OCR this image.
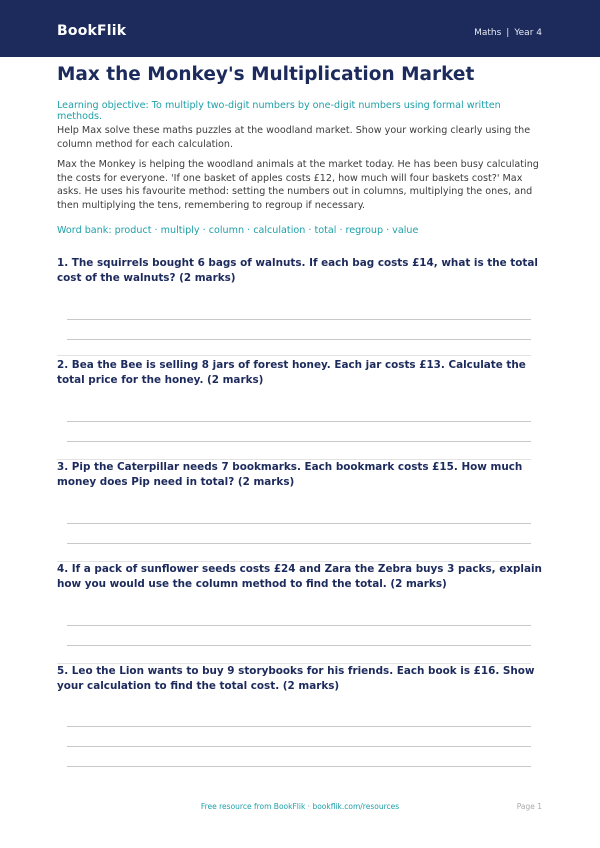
BookFlik	Maths | Year 4
Max the Monkey's Multiplication Market
Learning objective: To multiply two-digit numbers by one-digit numbers using formal written methods.
Help Max solve these maths puzzles at the woodland market. Show your working clearly using the column method for each calculation.
Max the Monkey is helping the woodland animals at the market today. He has been busy calculating the costs for everyone. 'If one basket of apples costs £12, how much will four baskets cost?' Max asks. He uses his favourite method: setting the numbers out in columns, multiplying the ones, and then multiplying the tens, remembering to regroup if necessary.
Word bank: product · multiply · column · calculation · total · regroup · value
1. The squirrels bought 6 bags of walnuts. If each bag costs £14, what is the total cost of the walnuts? (2 marks)
2. Bea the Bee is selling 8 jars of forest honey. Each jar costs £13. Calculate the total price for the honey. (2 marks)
3. Pip the Caterpillar needs 7 bookmarks. Each bookmark costs £15. How much money does Pip need in total? (2 marks)
4. If a pack of sunflower seeds costs £24 and Zara the Zebra buys 3 packs, explain how you would use the column method to find the total. (2 marks)
5. Leo the Lion wants to buy 9 storybooks for his friends. Each book is £16. Show your calculation to find the total cost. (2 marks)
Free resource from BookFlik · bookflik.com/resources	Page 1
